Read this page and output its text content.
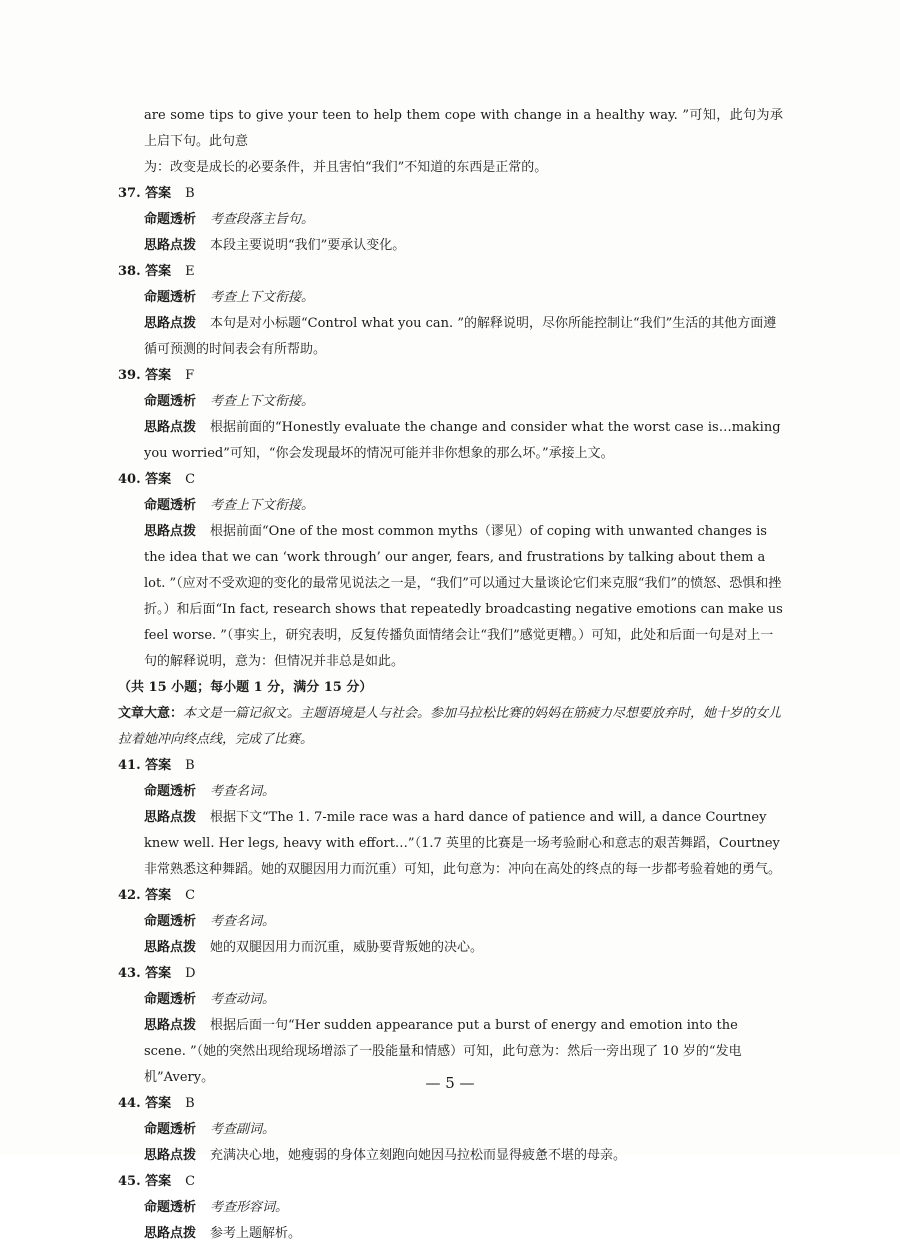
are some tips to give your teen to help them cope with change in a healthy way. ”可知，此句为承上启下句。此句意
为：改变是成长的必要条件，并且害怕“我们”不知道的东西是正常的。

37. 答案 B

命题透析 考查段落主旨句。

思路点拨 本段主要说明“我们”要承认变化。

38. 答案 E

命题透析 考查上下文衔接。

思路点拨 本句是对小标题“Control what you can. ”的解释说明，尽你所能控制让“我们”生活的其他方面遵循可预测的时间表会有所帮助。

39. 答案 F

命题透析 考查上下文衔接。

思路点拨 根据前面的“Honestly evaluate the change and consider what the worst case is…making you worried”可知，“你会发现最坏的情况可能并非你想象的那么坏。”承接上文。

40. 答案 C

命题透析 考查上下文衔接。

思路点拨 根据前面“One of the most common myths（谬见）of coping with unwanted changes is the idea that we can ‘work through’ our anger, fears, and frustrations by talking about them a lot. ”（应对不受欢迎的变化的最常见说法之一是，“我们”可以通过大量谈论它们来克服“我们”的愤怒、恐惧和挫折。）和后面“In fact, research shows that repeatedly broadcasting negative emotions can make us feel worse. ”（事实上，研究表明，反复传播负面情绪会让“我们”感觉更糟。）可知，此处和后面一句是对上一句的解释说明，意为：但情况并非总是如此。

（共 15 小题；每小题 1 分，满分 15 分）

文章大意：本文是一篇记叙文。主题语境是人与社会。参加马拉松比赛的妈妈在筋疲力尽想要放弃时，她十岁的女儿拉着她冲向终点线，完成了比赛。

41. 答案 B

命题透析 考查名词。

思路点拨 根据下文“The 1. 7-mile race was a hard dance of patience and will, a dance Courtney knew well. Her legs, heavy with effort…”（1.7 英里的比赛是一场考验耐心和意志的艰苦舞蹈，Courtney 非常熟悉这种舞蹈。她的双腿因用力而沉重）可知，此句意为：冲向在高处的终点的每一步都考验着她的勇气。

42. 答案 C

命题透析 考查名词。

思路点拨 她的双腿因用力而沉重，威胁要背叛她的决心。

43. 答案 D

命题透析 考查动词。

思路点拨 根据后面一句“Her sudden appearance put a burst of energy and emotion into the scene. ”（她的突然出现给现场增添了一股能量和情感）可知，此句意为：然后一旁出现了 10 岁的“发电机”Avery。

44. 答案 B

命题透析 考查副词。

思路点拨 充满决心地，她瘦弱的身体立刻跑向她因马拉松而显得疲惫不堪的母亲。

45. 答案 C

命题透析 考查形容词。

思路点拨 参考上题解析。

— 5 —
